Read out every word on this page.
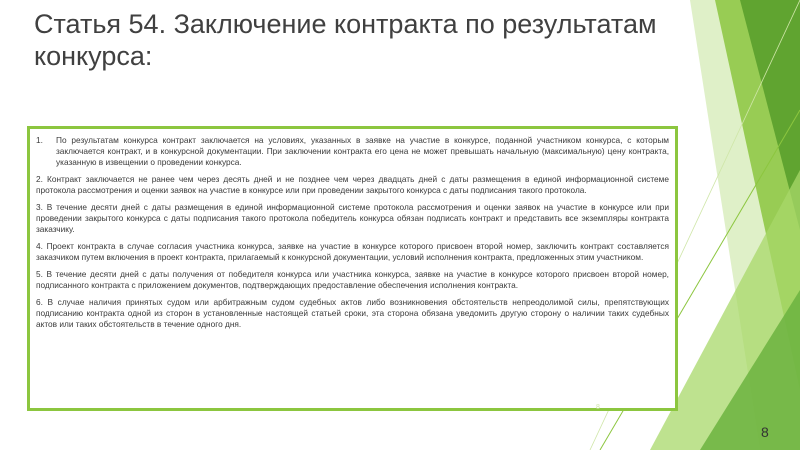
Статья 54. Заключение контракта по результатам конкурса:

1. По результатам конкурса контракт заключается на условиях, указанных в заявке на участие в конкурсе, поданной участником конкурса, с которым заключается контракт, и в конкурсной документации. При заключении контракта его цена не может превышать начальную (максимальную) цену контракта, указанную в извещении о проведении конкурса.

2. Контракт заключается не ранее чем через десять дней и не позднее чем через двадцать дней с даты размещения в единой информационной системе протокола рассмотрения и оценки заявок на участие в конкурсе или при проведении закрытого конкурса с даты подписания такого протокола.

3. В течение десяти дней с даты размещения в единой информационной системе протокола рассмотрения и оценки заявок на участие в конкурсе или при проведении закрытого конкурса с даты подписания такого протокола победитель конкурса обязан подписать контракт и представить все экземпляры контракта заказчику.

4. Проект контракта в случае согласия участника конкурса, заявке на участие в конкурсе которого присвоен второй номер, заключить контракт составляется заказчиком путем включения в проект контракта, прилагаемый к конкурсной документации, условий исполнения контракта, предложенных этим участником.

5. В течение десяти дней с даты получения от победителя конкурса или участника конкурса, заявке на участие в конкурсе которого присвоен второй номер, подписанного контракта с приложением документов, подтверждающих предоставление обеспечения исполнения контракта.

6. В случае наличия принятых судом или арбитражным судом судебных актов либо возникновения обстоятельств непреодолимой силы, препятствующих подписанию контракта одной из сторон в установленные настоящей статьей сроки, эта сторона обязана уведомить другую сторону о наличии таких судебных актов или таких обстоятельств в течение одного дня.

8
8
